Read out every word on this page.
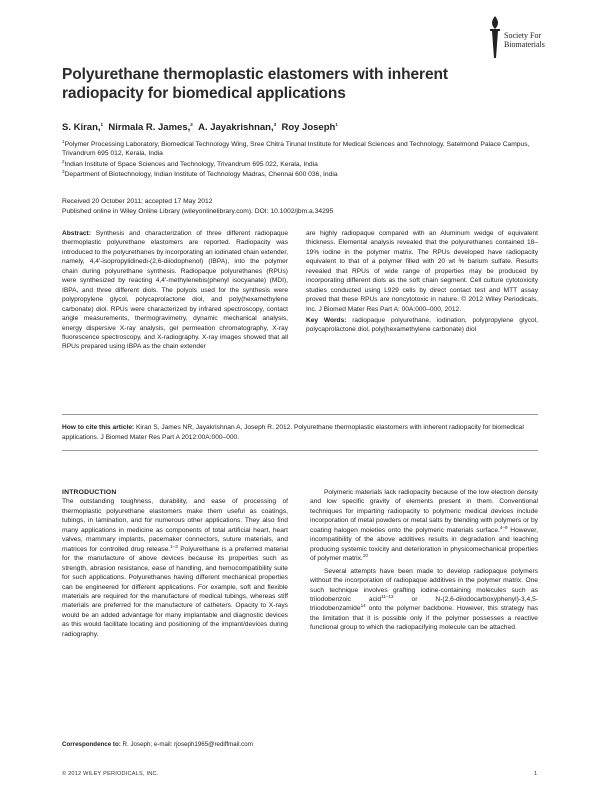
Society For Biomaterials
Polyurethane thermoplastic elastomers with inherent radiopacity for biomedical applications
S. Kiran,$^1$ Nirmala R. James,$^2$ A. Jayakrishnan,$^3$ Roy Joseph$^1$
$^1$Polymer Processing Laboratory, Biomedical Technology Wing, Sree Chitra Tirunal Institute for Medical Sciences and Technology, Satelmond Palace Campus, Trivandrum 695 012, Kerala, India
$^2$Indian Institute of Space Sciences and Technology, Trivandrum 695 022, Kerala, India
$^3$Department of Biotechnology, Indian Institute of Technology Madras, Chennai 600 036, India
Received 20 October 2011; accepted 17 May 2012
Published online in Wiley Online Library (wileyonlinelibrary.com). DOI: 10.1002/jbm.a.34295
Abstract: Synthesis and characterization of three different radiopaque thermoplastic polyurethane elastomers are reported. Radiopacity was introduced to the polyurethanes by incorporating an iodinated chain extender, namely, 4,4′-isopropylidinedi-(2,6-diiodophenol) (IBPA), into the polymer chain during polyurethane synthesis. Radiopaque polyurethanes (RPUs) were synthesized by reacting 4,4′-methylenebis(phenyl isocyanate) (MDI), IBPA, and three different diols. The polyols used for the synthesis were polypropylene glycol, polycaprolactone diol, and poly(hexamethylene carbonate) diol. RPUs were characterized by infrared spectroscopy, contact angle measurements, thermogravimetry, dynamic mechanical analysis, energy dispersive X-ray analysis, gel permeation chromatography, X-ray fluorescence spectroscopy, and X-radiography. X-ray images showed that all RPUs prepared using IBPA as the chain extender
are highly radiopaque compared with an Aluminum wedge of equivalent thickness. Elemental analysis revealed that the polyurethanes contained 18–19% iodine in the polymer matrix. The RPUs developed have radiopacity equivalent to that of a polymer filled with 20 wt % barium sulfate. Results revealed that RPUs of wide range of properties may be produced by incorporating different diols as the soft chain segment. Cell culture cytotoxicity studies conducted using L929 cells by direct contact test and MTT assay proved that these RPUs are noncytotoxic in nature. © 2012 Wiley Periodicals, Inc. J Biomed Mater Res Part A: 00A:000–000, 2012.
Key Words: radiopaque polyurethane, iodination, polypropylene glycol, polycaprolactone diol, poly(hexamethylene carbonate) diol
How to cite this article: Kiran S, James NR, Jayakrishnan A, Joseph R. 2012. Polyurethane thermoplastic elastomers with inherent radiopacity for biomedical applications. J Biomed Mater Res Part A 2012:00A:000–000.
INTRODUCTION
The outstanding toughness, durability, and ease of processing of thermoplastic polyurethane elastomers make them useful as coatings, tubings, in lamination, and for numerous other applications. They also find many applications in medicine as components of total artificial heart, heart valves, mammary implants, pacemaker connectors, suture materials, and matrices for controlled drug release.$^{1-3}$ Polyurethane is a preferred material for the manufacture of above devices because its properties such as strength, abrasion resistance, ease of handling, and hemocompatibility suite for such applications. Polyurethanes having different mechanical properties can be engineered for different applications. For example, soft and flexible materials are required for the manufacture of medical tubings, whereas stiff materials are preferred for the manufacture of catheters. Opacity to X-rays would be an added advantage for many implantable and diagnostic devices as this would facilitate locating and positioning of the implant/devices during radiography.

Polymeric materials lack radiopacity because of the low electron density and low specific gravity of elements present in them. Conventional techniques for imparting radiopacity to polymeric medical devices include incorporation of metal powders or metal salts by blending with polymers or by coating halogen moieties onto the polymeric materials surface.$^{4-9}$ However, incompatibility of the above additives results in degradation and leaching producing systemic toxicity and deterioration in physicomechanical properties of polymer matrix.$^{10}$

Several attempts have been made to develop radiopaque polymers without the incorporation of radiopaque additives in the polymer matrix. One such technique involves grafting iodine-containing molecules such as triiodobenzoic acid$^{11-13}$	or N-(2,6-diiodocarboxyphenyl)-3,4,5-triiodobenzamide$^{14}$ onto the polymer backbone. However, this strategy has the limitation that it is possible only if the polymer possesses a reactive functional group to which the radiopacifying molecule can be attached.

Correspondence to: R. Joseph; e-mail: rjoseph1965@rediffmail.com
© 2012 WILEY PERIODICALS, INC.	1
